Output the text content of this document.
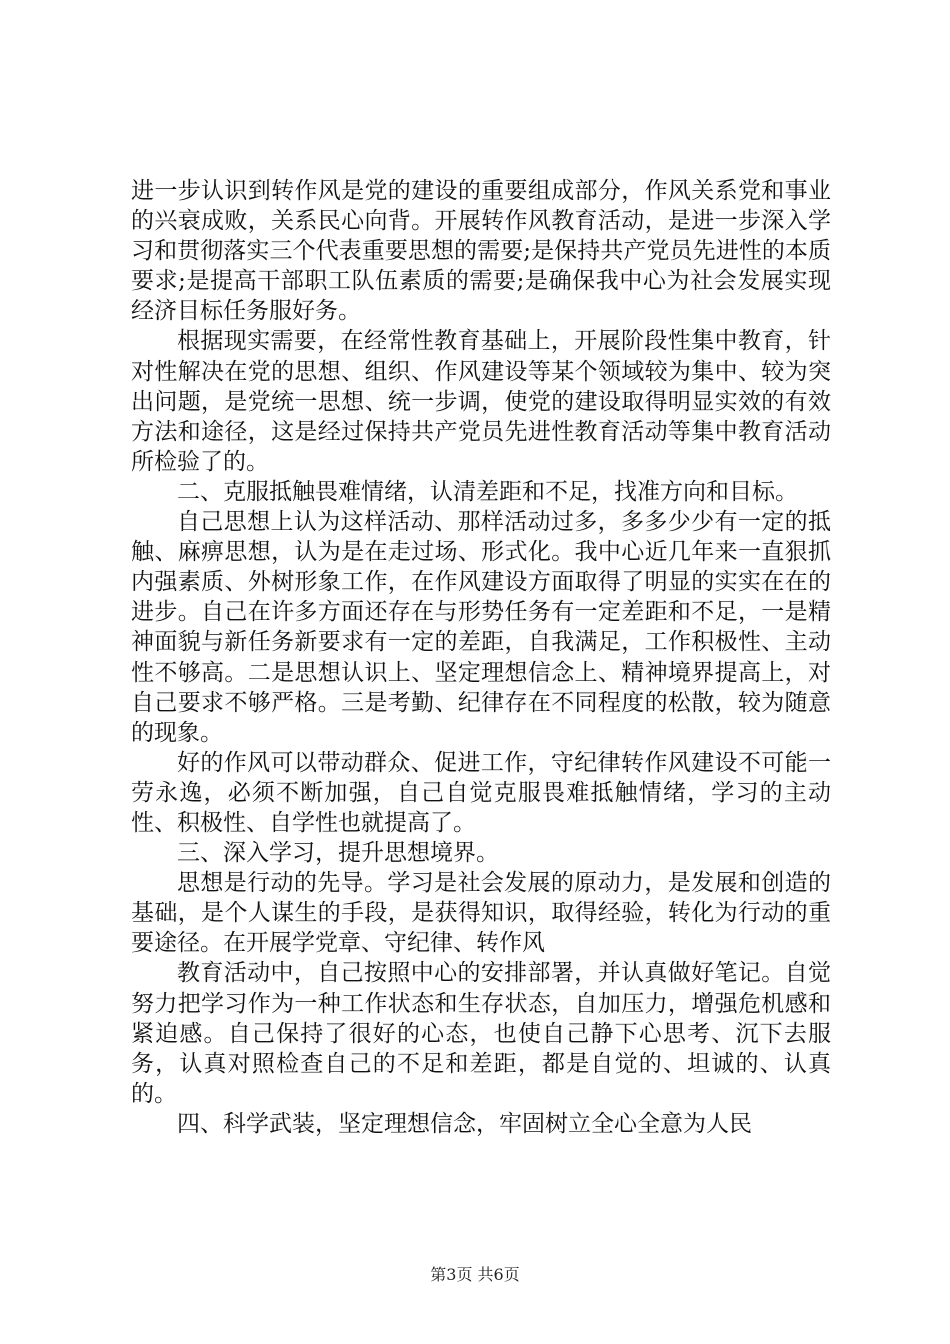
进一步认识到转作风是党的建设的重要组成部分，作风关系党和事业的兴衰成败，关系民心向背。开展转作风教育活动，是进一步深入学习和贯彻落实三个代表重要思想的需要;是保持共产党员先进性的本质要求;是提高干部职工队伍素质的需要;是确保我中心为社会发展实现经济目标任务服好务。

根据现实需要，在经常性教育基础上，开展阶段性集中教育，针对性解决在党的思想、组织、作风建设等某个领域较为集中、较为突出问题，是党统一思想、统一步调，使党的建设取得明显实效的有效方法和途径，这是经过保持共产党员先进性教育活动等集中教育活动所检验了的。

二、克服抵触畏难情绪，认清差距和不足，找准方向和目标。

自己思想上认为这样活动、那样活动过多，多多少少有一定的抵触、麻痹思想，认为是在走过场、形式化。我中心近几年来一直狠抓内强素质、外树形象工作，在作风建设方面取得了明显的实实在在的进步。自己在许多方面还存在与形势任务有一定差距和不足，一是精神面貌与新任务新要求有一定的差距，自我满足，工作积极性、主动性不够高。二是思想认识上、坚定理想信念上、精神境界提高上，对自己要求不够严格。三是考勤、纪律存在不同程度的松散，较为随意的现象。

好的作风可以带动群众、促进工作，守纪律转作风建设不可能一劳永逸，必须不断加强，自己自觉克服畏难抵触情绪，学习的主动性、积极性、自学性也就提高了。

三、深入学习，提升思想境界。

思想是行动的先导。学习是社会发展的原动力，是发展和创造的基础，是个人谋生的手段，是获得知识，取得经验，转化为行动的重要途径。在开展学党章、守纪律、转作风

教育活动中，自己按照中心的安排部署，并认真做好笔记。自觉努力把学习作为一种工作状态和生存状态，自加压力，增强危机感和紧迫感。自己保持了很好的心态，也使自己静下心思考、沉下去服务，认真对照检查自己的不足和差距，都是自觉的、坦诚的、认真的。

四、科学武装，坚定理想信念，牢固树立全心全意为人民

第3页 共6页
